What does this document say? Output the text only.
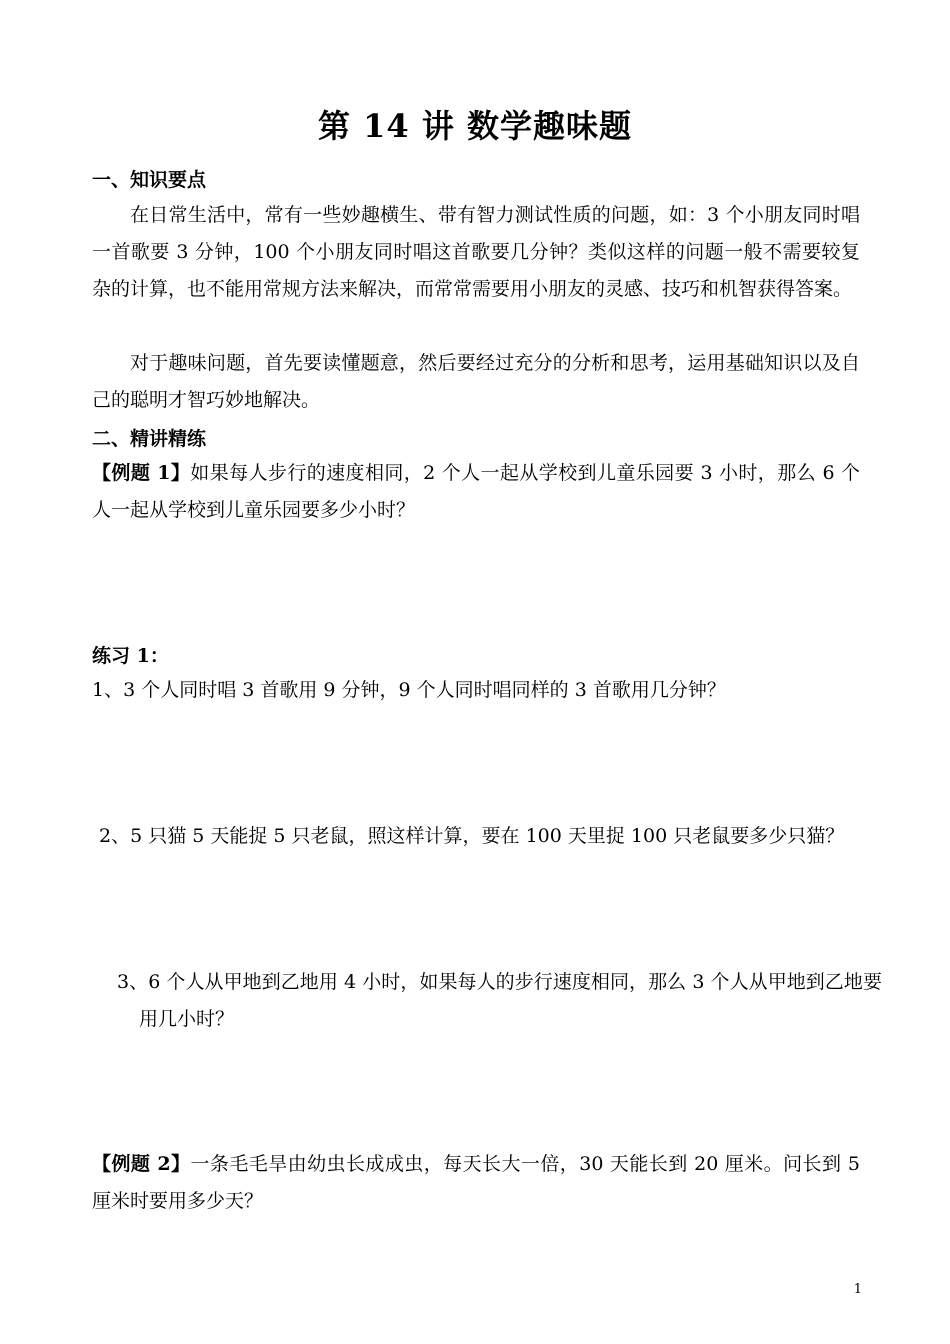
第 14 讲 数学趣味题
一、知识要点

在日常生活中，常有一些妙趣横生、带有智力测试性质的问题，如：3 个小朋友同时唱一首歌要 3 分钟，100 个小朋友同时唱这首歌要几分钟？类似这样的问题一般不需要较复杂的计算，也不能用常规方法来解决，而常常需要用小朋友的灵感、技巧和机智获得答案。

对于趣味问题，首先要读懂题意，然后要经过充分的分析和思考，运用基础知识以及自己的聪明才智巧妙地解决。

二、精讲精练

【例题 1】如果每人步行的速度相同，2 个人一起从学校到儿童乐园要 3 小时，那么 6 个人一起从学校到儿童乐园要多少小时？

练习 1：

1、3 个人同时唱 3 首歌用 9 分钟，9 个人同时唱同样的 3 首歌用几分钟？

2、5 只猫 5 天能捉 5 只老鼠，照这样计算，要在 100 天里捉 100 只老鼠要多少只猫？

3、6 个人从甲地到乙地用 4 小时，如果每人的步行速度相同，那么 3 个人从甲地到乙地要用几小时？

【例题 2】一条毛毛旱由幼虫长成成虫，每天长大一倍，30 天能长到 20 厘米。问长到 5 厘米时要用多少天？

1
